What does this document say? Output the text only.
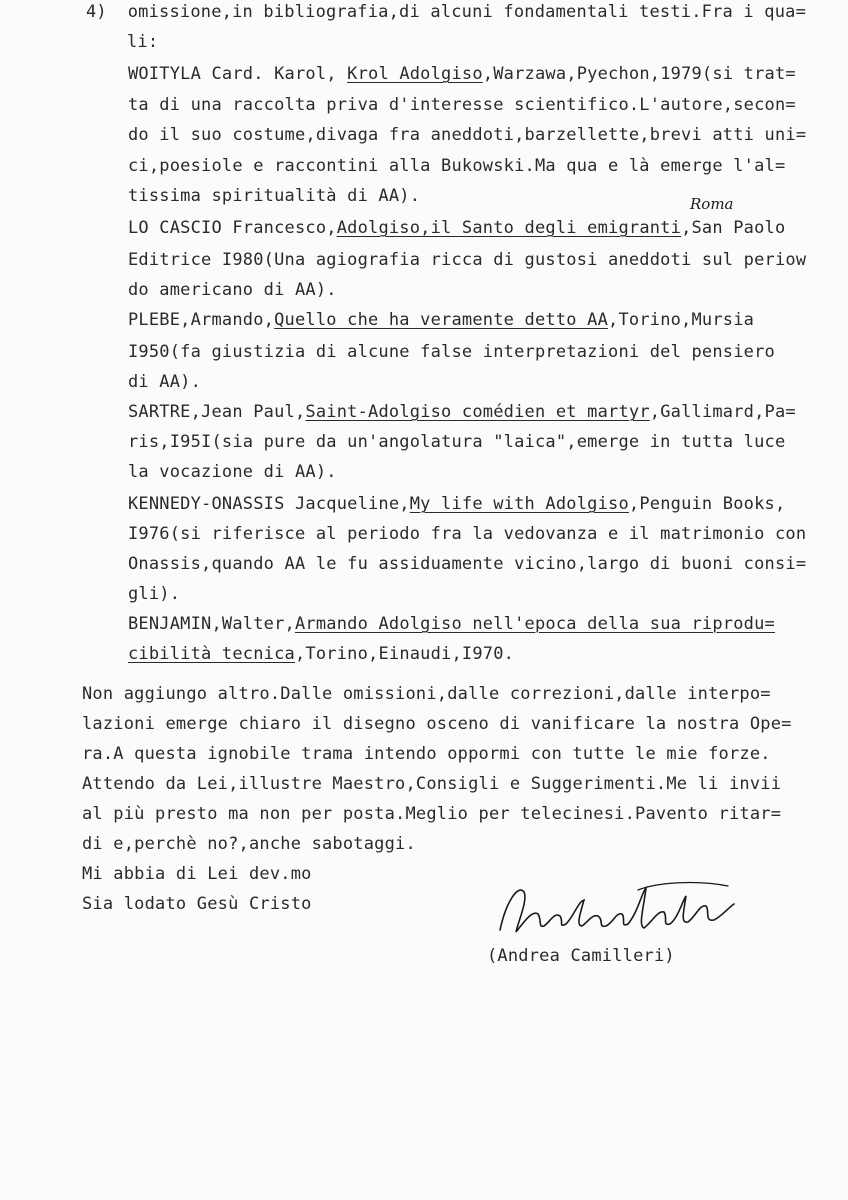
4)  omissione,in bibliografia,di alcuni fondamentali testi.Fra i qua=
li:
WOITYLA Card. Karol, Krol Adolgiso,Warzawa,Pyechon,1979(si trat=
ta di una raccolta priva d'interesse scientifico.L'autore,secon=
do il suo costume,divaga fra aneddoti,barzellette,brevi atti uni=
ci,poesiole e raccontini alla Bukowski.Ma qua e là emerge l'al=
tissima spiritualità di AA).	Roma
LO CASCIO Francesco,Adolgiso,il Santo degli emigranti,San Paolo
Editrice I980(Una agiografia ricca di gustosi aneddoti sul periow
do americano di AA).
PLEBE,Armando,Quello che ha veramente detto AA,Torino,Mursia
I950(fa giustizia di alcune false interpretazioni del pensiero
di AA).
SARTRE,Jean Paul,Saint-Adolgiso comédien et martyr,Gallimard,Pa=
ris,I95I(sia pure da un'angolatura "laica",emerge in tutta luce
la vocazione di AA).
KENNEDY-ONASSIS Jacqueline,My life with Adolgiso,Penguin Books,
I976(si riferisce al periodo fra la vedovanza e il matrimonio con
Onassis,quando AA le fu assiduamente vicino,largo di buoni consi=
gli).
BENJAMIN,Walter,Armando Adolgiso nell'epoca della sua riprodu=
cibilità tecnica,Torino,Einaudi,I970.
Non aggiungo altro.Dalle omissioni,dalle correzioni,dalle interpo=
lazioni emerge chiaro il disegno osceno di vanificare la nostra Ope=
ra.A questa ignobile trama intendo oppormi con tutte le mie forze.
Attendo da Lei,illustre Maestro,Consigli e Suggerimenti.Me li invii
al più presto ma non per posta.Meglio per telecinesi.Pavento ritar=
di e,perchè no?,anche sabotaggi.
Mi abbia di Lei dev.mo
Sia lodato Gesù Cristo
(Andrea Camilleri)
